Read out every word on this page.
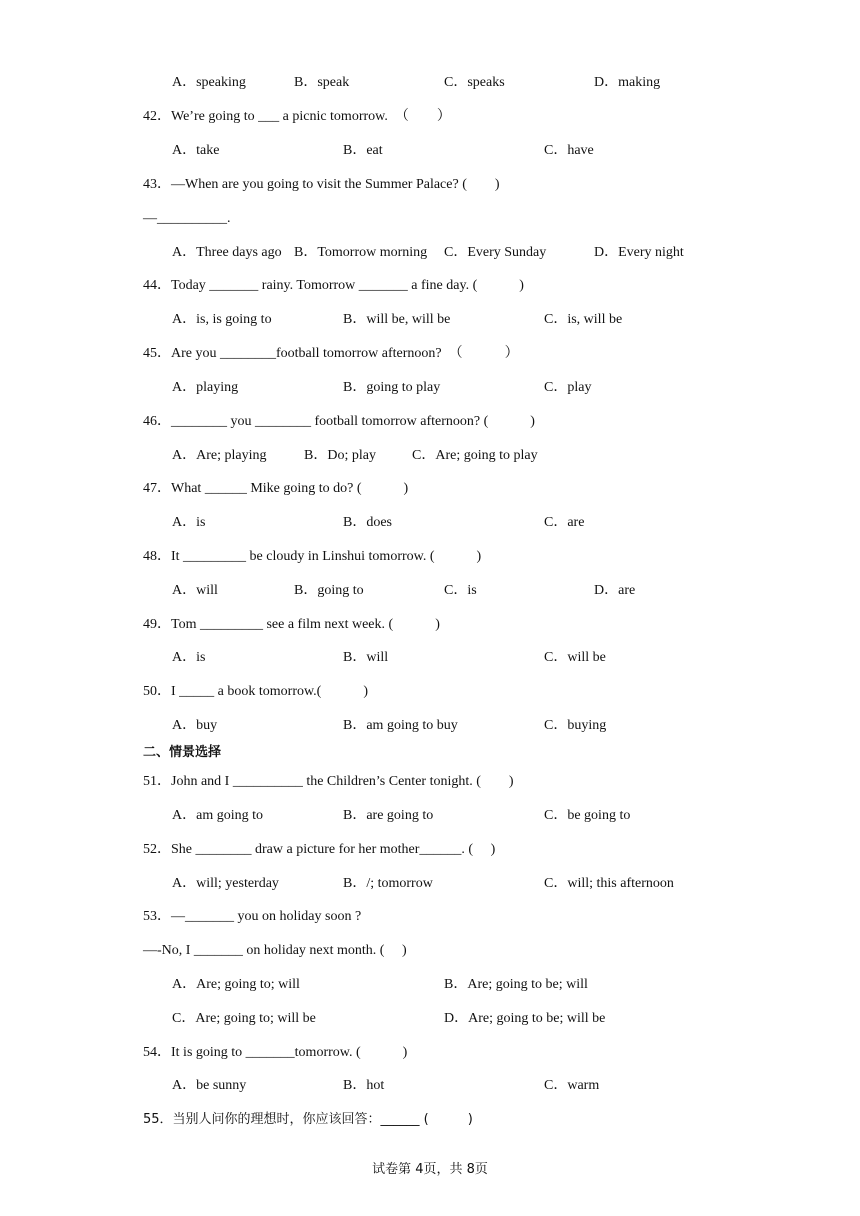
A．speaking	B．speak	C．speaks	D．making
42．We’re going to ___ a picnic tomorrow.  （　　）
A．take	B．eat	C．have
43．—When are you going to visit the Summer Palace? (　　)
—__________.
A．Three days ago B．Tomorrow morning C．Every Sunday	D．Every night
44．Today _______ rainy. Tomorrow _______ a fine day. (　　　)
A．is, is going to	B．will be, will be	C．is, will be
45．Are you ________football tomorrow afternoon?  （　　　）
A．playing	B．going to play	C．play
46．________ you ________ football tomorrow afternoon? (　　　)
A．Are; playing	B．Do; play	C．Are; going to play
47．What ______ Mike going to do? (　　　)
A．is	B．does	C．are
48．It _________ be cloudy in Linshui tomorrow. (　　　)
A．will	B．going to	C．is	D．are
49．Tom _________ see a film next week. (　　　)
A．is	B．will	C．will be
50．I _____ a book tomorrow.(　　　)
A．buy	B．am going to buy	C．buying
二、情景选择
51．John and I __________ the Children’s Center tonight. (　　)
A．am going to	B．are going to	C．be going to
52．She ________ draw a picture for her mother______. (　 )
A．will; yesterday	B．/; tomorrow	C．will; this afternoon
53．—_______ you on holiday soon ?
—-No, I _______ on holiday next month. (　 )
A．Are; going to; will	B．Are; going to be; will
C．Are; going to; will be	D．Are; going to be; will be
54．It is going to _______tomorrow. (　　　)
A．be sunny	B．hot	C．warm
55．当别人问你的理想时，你应该回答：______ (　　　)
试卷第 4页，共 8页
